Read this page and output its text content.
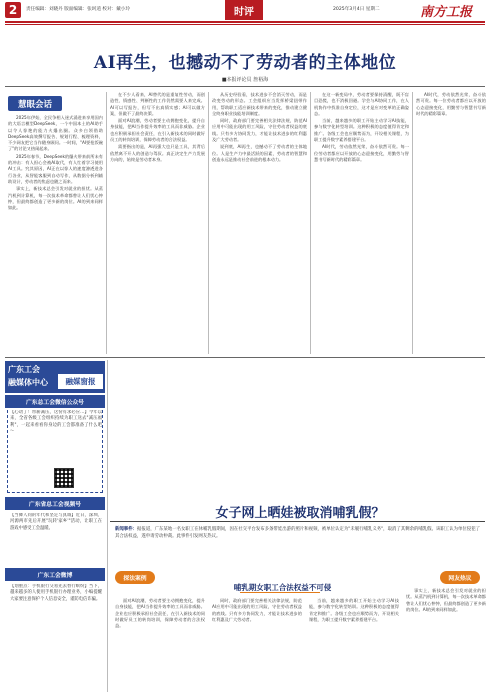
2	责任编辑：刘晓丹 版面编辑：张珂逍 校对：戴小玲	时评	2025年3月4日 星期二	南方工报
AI再生，也撼动不了劳动者的主体地位
■本报评论员 詹裕海
慧眼会话

2025年伊始，全民争相入迷式涌进来享用国内的大语言模型DeepSeek，一个中国本土的AI助手以令人惊艳的能力火爆出圈。众多白领借助DeepSeek高效撰写报告、规划行程、梳理资料，不少网友把它当作随身顾问。一时间，"AI要抢饭碗了"的讨论又热闹起来。

2025年春节，DeepSeek的爆火带来前所未有的冲击：有人担心会被AI取代，有人忙着学习使用AI工具。究其原因，AI正在以惊人的速度渗透进各行各业，从智能客服到自动写作，从数据分析到辅助设计，劳动者的焦虑也随之而来。

事实上，新技术总会引发对就业的担忧。从蒸汽机到计算机，每一次技术革命都曾让人们忧心忡忡，但最终都创造了更多新的岗位。AI的到来同样如此。

在不少人看来，AI替代的是重复性劳动，而创造性、情感性、判断性的工作仍然需要人来完成。AI可以写报告，但写不出真情实感；AI可以做方案，但做不了最终决策。

面对AI浪潮，劳动者要主动拥抱变化，提升自身技能，把AI当作提升效率的工具而非威胁。企业也应积极承担社会责任，在引入新技术的同时做好员工的转岗培训，保障劳动者的合法权益。

需要指出的是，AI再强大也只是工具，其背后依然离不开人的创造与驾驭。真正决定生产力发展方向的，始终是劳动者本身。

从历史经验看，技术进步不会消灭劳动，而是改变劳动的形态。工会组织应当发挥桥梁纽带作用，帮助职工适应新技术带来的变化，推动建立健全终身职业技能培训制度。

同时，政府部门要完善相关法律法规，防范AI应用中可能出现的用工风险，守住劳动者权益的底线。只有多方协同发力，才能让技术进步的红利惠及广大劳动者。

说到底，AI再生，也撼动不了劳动者的主体地位。人是生产力中最活跃的因素，劳动者的智慧和创造永远是推动社会前进的根本动力。

在这一新变局中，劳动者要保持清醒，既不盲目恐慌，也不消极回避。学会与AI协同工作，在人机协作中找准自身定位，这才是应对变革的正确姿态。

当前，越来越多的职工开始主动学习AI技能，参与数字化转型培训。这种积极的态度值得肯定和推广。各级工会也应顺势而为，开设相关课程，为职工提升数字素养搭建平台。

AI时代，劳动依然光荣，奋斗依然可贵。每一位劳动者都应以开放的心态迎接变化，用勤劳与智慧书写新时代的精彩篇章。

AI时代，劳动依然光荣，奋斗依然可贵。每一位劳动者都应以开放的心态迎接变化，用勤劳与智慧书写新时代的精彩篇章。

广东工会
融媒体中心	融媒窗报
广东总工会微信公众号
【心动了！带薪减压，这份有求必应…】今年以来，全省各级工会组织持续为职工送去"减压福利"，一起来看看你身边的工会都准备了什么吧～
广东省总工会视频号
【当舞人同的年代和坚定与真诚】近日，深圳、河源两市先后开展"玩转'家乡'"活动，让职工在游戏中感受工会温暖。
广东工会微博
【划重点：手机银行交易先去替行缤纷】当下，越来越多的人使用手机银行办理业务，小编提醒大家要注意保护个人信息安全，谨防电信诈骗。
女子网上晒娃被取消哺乳假？
新闻事件：据报道，广东某地一名女职工在休哺乳假期间，因在社交平台发布多条带娃出游的照片和视频，被单位认定为"未履行哺乳义务"，取消了其剩余的哺乳假。该职工认为单位侵犯了其合法权益，遂申请劳动仲裁。此事件引发网友热议。
探法案例	网友热议
哺乳期女职工合法权益不可侵

面对AI浪潮，劳动者要主动拥抱变化，提升自身技能，把AI当作提升效率的工具而非威胁。企业也应积极承担社会责任，在引入新技术的同时做好员工的转岗培训，保障劳动者的合法权益。

同时，政府部门要完善相关法律法规，防范AI应用中可能出现的用工风险，守住劳动者权益的底线。只有多方协同发力，才能让技术进步的红利惠及广大劳动者。

当前，越来越多的职工开始主动学习AI技能，参与数字化转型培训。这种积极的态度值得肯定和推广。各级工会也应顺势而为，开设相关课程，为职工提升数字素养搭建平台。

事实上，新技术总会引发对就业的担忧。从蒸汽机到计算机，每一次技术革命都曾让人们忧心忡忡，但最终都创造了更多新的岗位。AI的到来同样如此。
